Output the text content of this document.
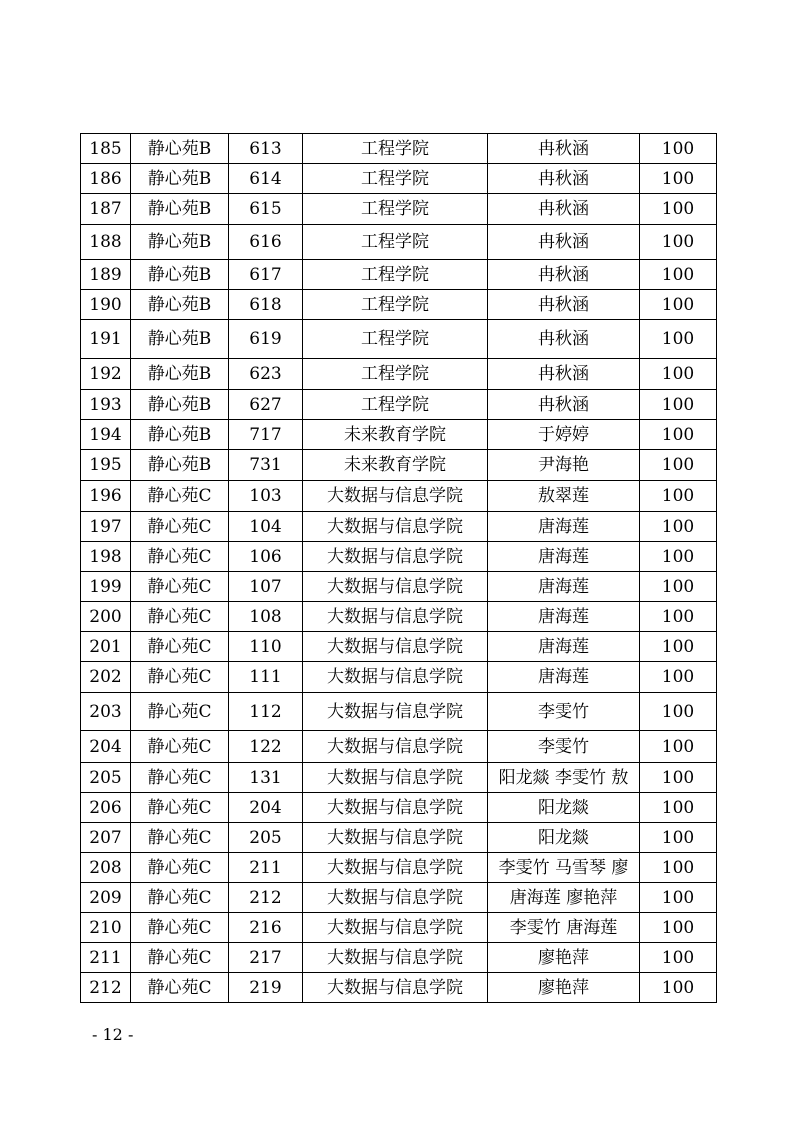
185	静心苑B	613	工程学院	冉秋涵	100
186	静心苑B	614	工程学院	冉秋涵	100
187	静心苑B	615	工程学院	冉秋涵	100
188	静心苑B	616	工程学院	冉秋涵	100
189	静心苑B	617	工程学院	冉秋涵	100
190	静心苑B	618	工程学院	冉秋涵	100
191	静心苑B	619	工程学院	冉秋涵	100
192	静心苑B	623	工程学院	冉秋涵	100
193	静心苑B	627	工程学院	冉秋涵	100
194	静心苑B	717	未来教育学院	于婷婷	100
195	静心苑B	731	未来教育学院	尹海艳	100
196	静心苑C	103	大数据与信息学院	敖翠莲	100
197	静心苑C	104	大数据与信息学院	唐海莲	100
198	静心苑C	106	大数据与信息学院	唐海莲	100
199	静心苑C	107	大数据与信息学院	唐海莲	100
200	静心苑C	108	大数据与信息学院	唐海莲	100
201	静心苑C	110	大数据与信息学院	唐海莲	100
202	静心苑C	111	大数据与信息学院	唐海莲	100
203	静心苑C	112	大数据与信息学院	李雯竹	100
204	静心苑C	122	大数据与信息学院	李雯竹	100
205	静心苑C	131	大数据与信息学院	阳龙燚 李雯竹 敖	100
206	静心苑C	204	大数据与信息学院	阳龙燚	100
207	静心苑C	205	大数据与信息学院	阳龙燚	100
208	静心苑C	211	大数据与信息学院	李雯竹 马雪琴 廖	100
209	静心苑C	212	大数据与信息学院	唐海莲 廖艳萍	100
210	静心苑C	216	大数据与信息学院	李雯竹 唐海莲	100
211	静心苑C	217	大数据与信息学院	廖艳萍	100
212	静心苑C	219	大数据与信息学院	廖艳萍	100
- 12 -
